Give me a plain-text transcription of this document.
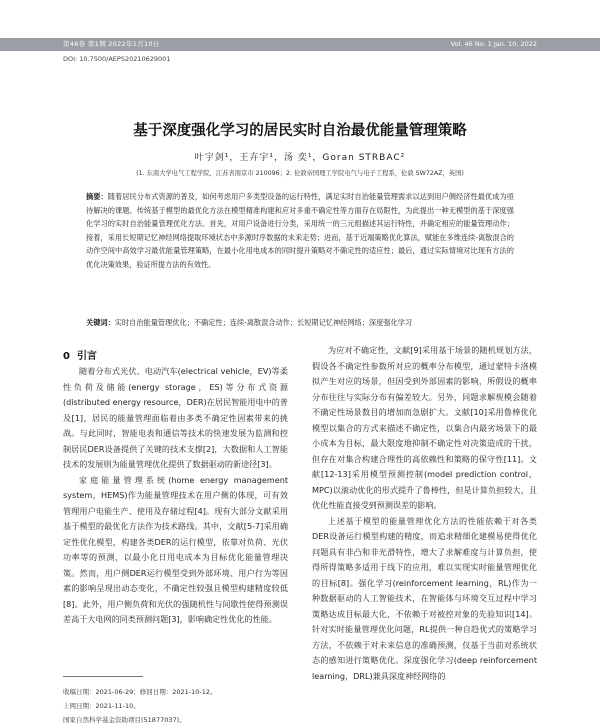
第46卷 第1期 2022年1月10日	Vol. 46 No. 1 Jan. 10, 2022
DOI: 10.7500/AEPS20210629001
基于深度强化学习的居民实时自治最优能量管理策略
叶宇剑¹，王卉宇¹，汤 奕¹，Goran STRBAC²
(1. 东南大学电气工程学院，江苏省南京市 210096；2. 伦敦帝国理工学院电气与电子工程系，伦敦 SW72AZ，英国)
摘要：随着居民分布式资源的普及，如何考虑用户多类型设备的运行特性，满足实时自治能量管理需求以达到用户侧经济性最优成为亟待解决的课题。传统基于模型的最优化方法在模型精准构建和应对多重不确定性等方面存在局限性，为此提出一种无模型的基于深度强化学习的实时自治能量管理优化方法。首先，对用户设备进行分类，采用统一的三元组描述其运行特性，并确定相应的能量管理动作；接着，采用长短期记忆神经网络提取环境状态中多源时序数据的未来走势；进而，基于近端策略优化算法，赋能在多维连续-离散混合的动作空间中高效学习最优能量管理策略，在最小化用电成本的同时提升策略对不确定性的适应性；最后，通过实际情境对比现有方法的优化决策效果，验证所提方法的有效性。
关键词：实时自治能量管理优化；不确定性；连续-离散混合动作；长短期记忆神经网络；深度强化学习
0 引言

随着分布式光伏、电动汽车(electrical vehicle，EV)等柔性负荷及储能(energy storage，ES)等分布式资源(distributed energy resource，DER)在居民智能用电中的普及[1]，居民的能量管理面临着由多类不确定性因素带来的挑战。与此同时，智能电表和通信等技术的快速发展为监测和控制居民DER设备提供了关键的技术支撑[2]，大数据和人工智能技术的发展则为能量管理优化提供了数据驱动的新途径[3]。

家庭能量管理系统(home energy management system，HEMS)作为能量管理技术在用户侧的体现，可有效管理用户电能生产、使用及存储过程[4]。现有大部分文献采用基于模型的最优化方法作为技术路线。其中，文献[5-7]采用确定性优化模型，构建各类DER的运行模型，依靠对负荷、光伏功率等的预测，以最小化日用电成本为目标优化能量管理决策。然而，用户侧DER运行模型受到外部环境、用户行为等因素的影响呈现出动态变化，不确定性较强且模型构建精度较低[8]。此外，用户侧负荷和光伏的强随机性与间歇性使得预测误差高于大电网的同类预测问题[3]，影响确定性优化的性能。

为应对不确定性，文献[9]采用基于场景的随机规划方法，假设各不确定性参数所对应的概率分布模型，通过蒙特卡洛模拟产生对应的场景，但因受到外部因素的影响，所假设的概率分布往往与实际分布有偏差较大。另外，同题求解规模会随着不确定性场景数目的增加而急剧扩大。文献[10]采用鲁棒优化模型以集合的方式来描述不确定性，以集合内最劣场景下的最小成本为目标，最大限度地抑制不确定性对决策造成的干扰，但存在对集合构建合理性的高依赖性和策略的保守性[11]。文献[12-13]采用模型预测控制(model prediction control，MPC)以滚动优化的形式提升了鲁棒性，但是计算负担较大，且优化性能直接受到预测误差的影响。

上述基于模型的能量管理优化方法的性能依赖于对各类DER设备运行模型构建的精度，而追求精细化建模易使得优化问题具有非凸和非光滑特性，增大了求解难度与计算负担，使得所得策略多适用于线下的应用，难以实现实时能量管理优化的目标[8]。强化学习(reinforcement learning，RL)作为一种数据驱动的人工智能技术，在智能体与环境交互过程中学习策略达成目标最大化，不依赖于对被控对象的先验知识[14]。针对实时能量管理优化问题，RL提供一种自趋优式的策略学习方法，不依赖于对未来信息的准确预测，仅基于当前对系统状态的感知进行策略优化。深度强化学习(deep reinforcement learning，DRL)兼具深度神经网络的

收稿日期：2021-06-29；修回日期：2021-10-12。
上网日期：2021-11-10。
国家自然科学基金资助项目(51877037)。
